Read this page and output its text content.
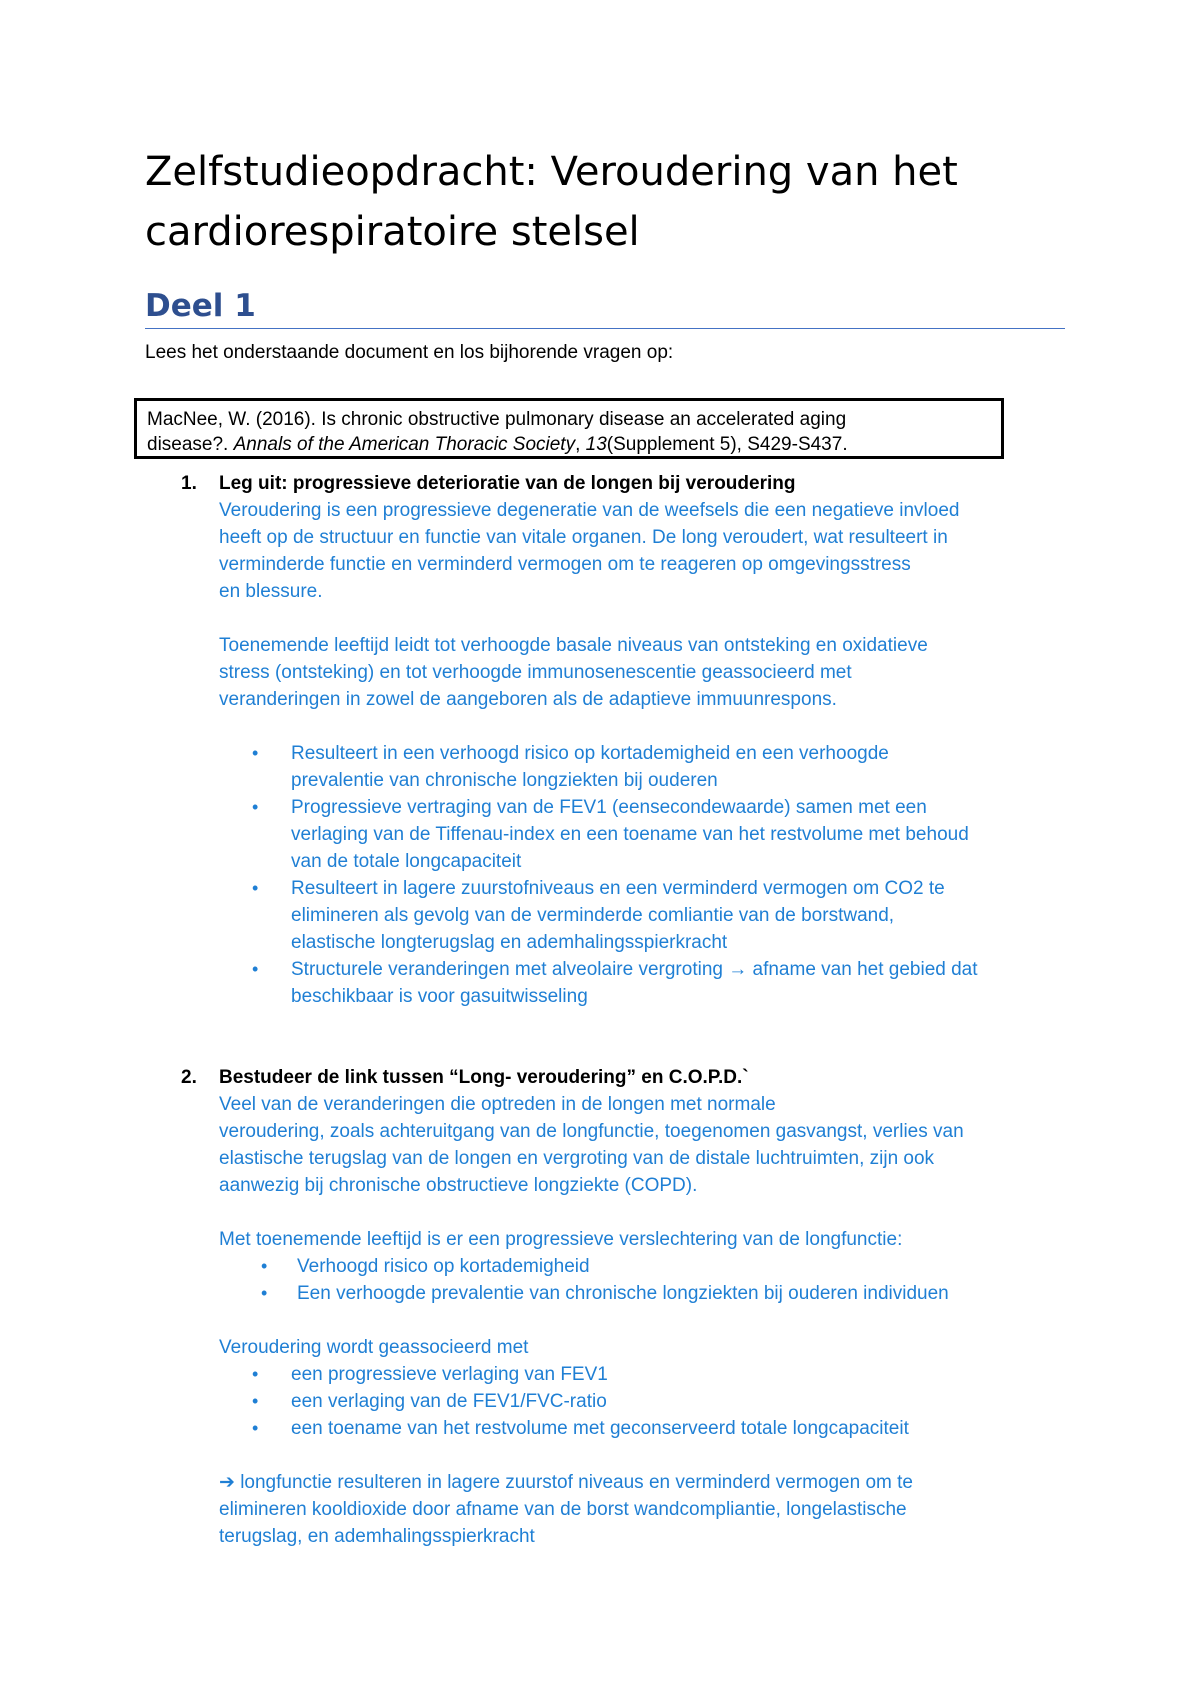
Zelfstudieopdracht: Veroudering van het cardiorespiratoire stelsel
Deel 1
Lees het onderstaande document en los bijhorende vragen op:
MacNee, W. (2016). Is chronic obstructive pulmonary disease an accelerated aging
disease?. Annals of the American Thoracic Society, 13(Supplement 5), S429-S437.
1. Leg uit: progressieve deterioratie van de longen bij veroudering

Veroudering is een progressieve degeneratie van de weefsels die een negatieve invloed
heeft op de structuur en functie van vitale organen. De long veroudert, wat resulteert in
verminderde functie en verminderd vermogen om te reageren op omgevingsstress
en blessure.

Toenemende leeftijd leidt tot verhoogde basale niveaus van ontsteking en oxidatieve
stress (ontsteking) en tot verhoogde immunosenescentie geassocieerd met
veranderingen in zowel de aangeboren als de adaptieve immuunrespons.

• Resulteert in een verhoogd risico op kortademigheid en een verhoogde
prevalentie van chronische longziekten bij ouderen
• Progressieve vertraging van de FEV1 (eensecondewaarde) samen met een
verlaging van de Tiffenau-index en een toename van het restvolume met behoud
van de totale longcapaciteit
• Resulteert in lagere zuurstofniveaus en een verminderd vermogen om CO2 te
elimineren als gevolg van de verminderde comliantie van de borstwand,
elastische longterugslag en ademhalingsspierkracht
• Structurele veranderingen met alveolaire vergroting → afname van het gebied dat
beschikbaar is voor gasuitwisseling
2. Bestudeer de link tussen “Long- veroudering” en C.O.P.D.`

Veel van de veranderingen die optreden in de longen met normale
veroudering, zoals achteruitgang van de longfunctie, toegenomen gasvangst, verlies van
elastische terugslag van de longen en vergroting van de distale luchtruimten, zijn ook
aanwezig bij chronische obstructieve longziekte (COPD).

Met toenemende leeftijd is er een progressieve verslechtering van de longfunctie:

• Verhoogd risico op kortademigheid
• Een verhoogde prevalentie van chronische longziekten bij ouderen individuen
Veroudering wordt geassocieerd met
• een progressieve verlaging van FEV1
• een verlaging van de FEV1/FVC-ratio
• een toename van het restvolume met geconserveerd totale longcapaciteit
➔ longfunctie resulteren in lagere zuurstof niveaus en verminderd vermogen om te
elimineren kooldioxide door afname van de borst wandcompliantie, longelastische
terugslag, en ademhalingsspierkracht
